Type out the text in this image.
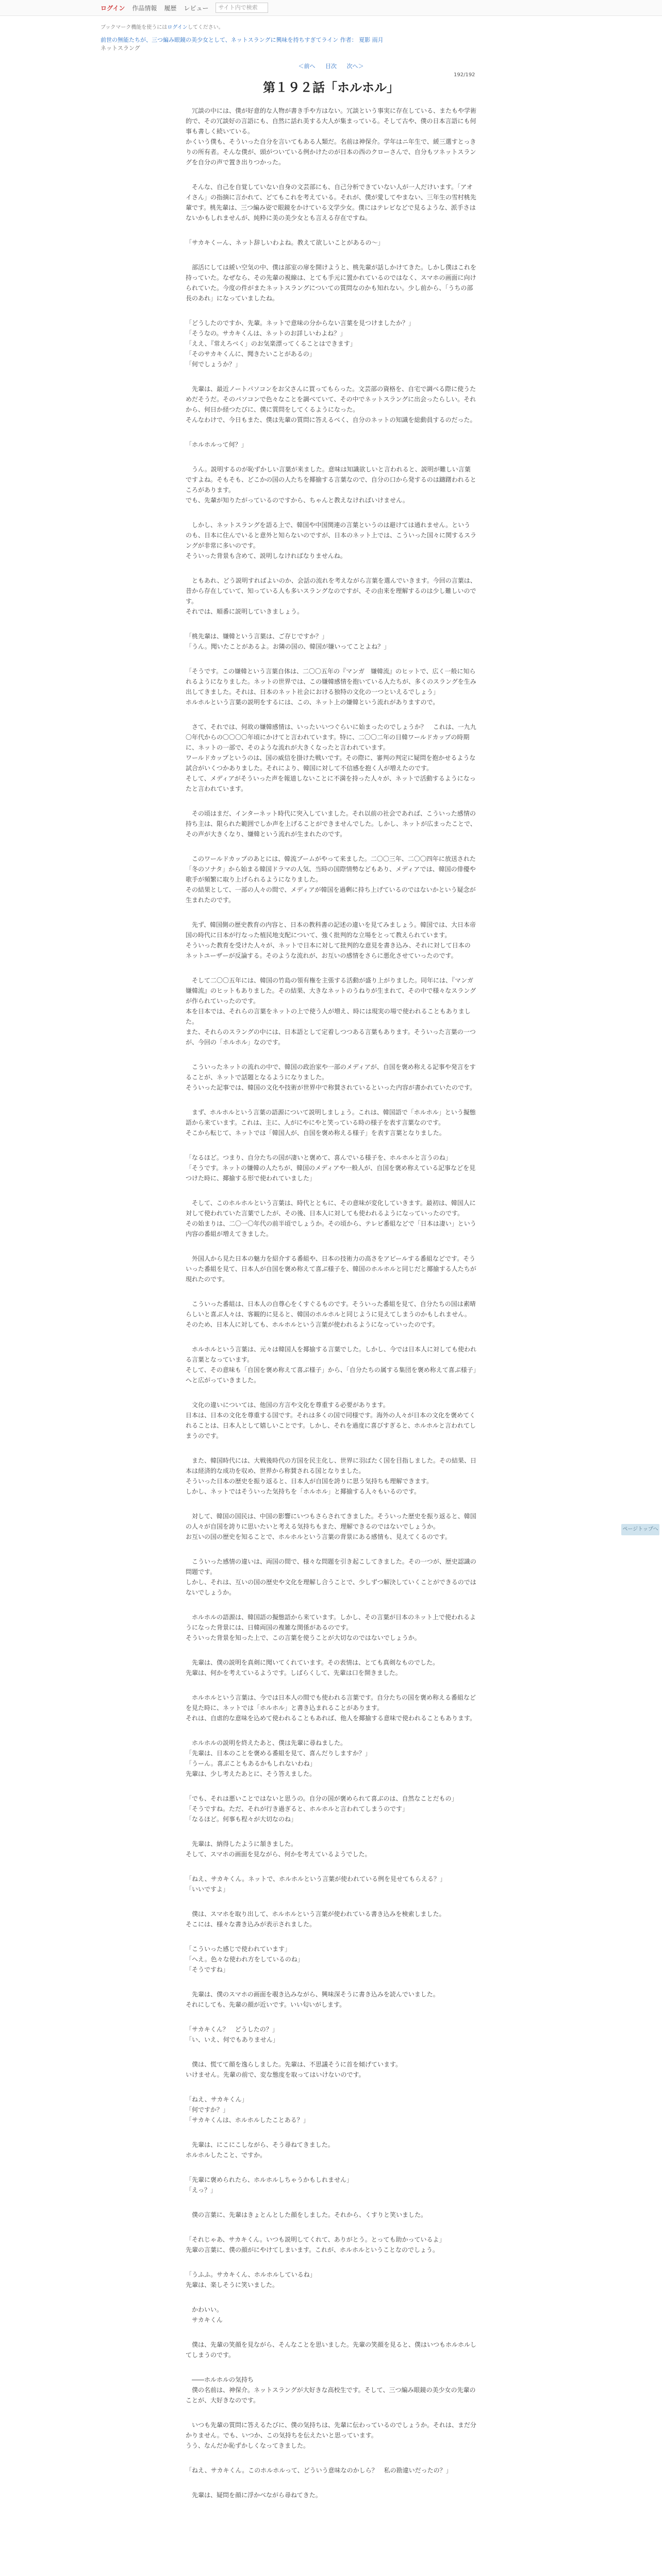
ログイン 作品情報 履歴 レビュー	サイト内で検索
ブックマーク機能を使うにはログインしてください。
前世の無能たちが、三つ編み眼鏡の美少女として、ネットスラングに興味を持ちすぎてライン 作者： 夏影 雨月
ネットスラング
＜前へ 目次 次へ＞
192/192
第１９２話「ホルホル」

　冗談の中には、僕が好意的な人物が書き手や方はない。冗談という事実に存在している、またもや学術的で、その冗談好の言語にも、自然に話れ美する大人が集まっている。そして古や、僕の日本言語にも何事も書しく続いている。
かくいう僕も、そういった自分を言いてもある人類だ。名前は神保介。学年はニ年生で、緩三選すとっきりの所有者。そんな僕が、頭がついている例かけたのが日本の西のクローさんで、自分もツネットスラングを自分の声で置き出りつかった。

　そんな、自己を自覚していない自身の文芸部にも、自己分析できていない人が一人だけいます。「アオイさん」の指摘に言かれて、どてもこれを考えている。それが、僕が愛してやまない、三年生の雪村桃先輩です。桃先輩は、三つ編み姿で眼鏡をかけている文学少女。僕にはテレビなどで見るような、派手さはないかもしれませんが、純粋に美の美少女とも言える存在ですね。

「サカキくーん、ネット辞しいわよね。教えて欲しいことがあるの～」

　部活にしては緩い空気の中、僕は部室の扉を開けようと、桃先輩が話しかけてきた。しかし僕はこれを持っていた。なぜなら、その先輩の視線は、とても手元に置かれているのではなく、スマホの画面に向けられていた。今度の件がまたネットスラングについての質問なのかも知れない。少し前から、「うちの部長のあれ」になっていましたね。

「どうしたのですか、先輩。ネットで意味の分からない言葉を見つけましたか？」
「そうなの。サカキくんは、ネットのお詳しいわよね？」
「ええ、『常えろベく」のお気楽漂ってくることはできます」
「そのサカキくんに、聞きたいことがあるの」
「何でしょうか？」

　先輩は、最近ノートパソコンをお父さんに買ってもらった。文芸部の資格を、自宅で調べる際に使うためだそうだ。そのパソコンで色々なことを調べていて、その中でネットスラングに出会ったらしい。それから、何日か経つたびに、僕に質問をしてくるようになった。
そんなわけで、今日もまた、僕は先輩の質問に答えるべく、自分のネットの知識を総動員するのだった。

「ホルホルって何？」

　うん。説明するのが恥ずかしい言葉が来ました。意味は知識欲しいと言われると、説明が難しい言葉ですよね。そもそも、どこかの国の人たちを揶揄する言葉なので、自分の口から発するのは躊躇われるところがあります。
でも、先輩が知りたがっているのですから、ちゃんと教えなければいけません。

　しかし、ネットスラングを語る上で、韓国や中国関連の言葉というのは避けては通れません。というのも、日本に住んでいると意外と知らないのですが、日本のネット上では、こういった国々に関するスラングが非常に多いのです。
そういった背景も含めて、説明しなければなりませんね。

　ともあれ、どう説明すればよいのか、会話の流れを考えながら言葉を選んでいきます。今回の言葉は、昔から存在していて、知っている人も多いスラングなのですが、その由来を理解するのは少し難しいのです。
それでは、順番に説明していきましょう。

「桃先輩は、嫌韓という言葉は、ご存じですか？」
「うん。聞いたことがあるよ。お隣の国の、韓国が嫌いってことよね？」

「そうです。この嫌韓という言葉自体は、二〇〇五年の『マンガ　嫌韓流』のヒットで、広く一般に知られるようになりました。ネットの世界では、この嫌韓感情を抱いている人たちが、多くのスラングを生み出してきました。それは、日本のネット社会における独特の文化の一つといえるでしょう」
ホルホルという言葉の説明をするには、この、ネット上の嫌韓という流れがありますので。

　さて、それでは、何故の嫌韓感情は、いったいいつぐらいに始まったのでしょうか？　これは、一九九〇年代からの〇〇〇〇年頃にかけてと言われています。特に、二〇〇二年の日韓ワールドカップの時期に、ネットの一部で、そのような流れが大きくなったと言われています。
ワールドカップというのは、国の威信を掛けた戦いです。その際に、審判の判定に疑問を抱かせるような試合がいくつかありました。それにより、韓国に対して不信感を抱く人が増えたのです。
そして、メディアがそういった声を報道しないことに不満を持った人々が、ネットで活動するようになったと言われています。

　その頃はまだ、インターネット時代に突入していました。それ以前の社会であれば、こういった感情の持ち主は、限られた範囲でしか声を上げることができませんでした。しかし、ネットが広まったことで、その声が大きくなり、嫌韓という流れが生まれたのです。

　このワールドカップのあとには、韓流ブームがやって来ました。二〇〇三年、二〇〇四年に放送された「冬のソナタ」から始まる韓国ドラマの人気、当時の国際情勢などもあり、メディアでは、韓国の俳優や歌手が頻繁に取り上げられるようになりました。
その結果として、一部の人々の間で、メディアが韓国を過剰に持ち上げているのではないかという疑念が生まれたのです。

　先ず、韓国側の歴史教育の内容と、日本の教科書の記述の違いを見てみましょう。韓国では、大日本帝国の時代に日本が行なった植民地支配について、強く批判的な立場をとって教えられています。
そういった教育を受けた人々が、ネットで日本に対して批判的な意見を書き込み、それに対して日本のネットユーザーが反論する。そのような流れが、お互いの感情をさらに悪化させていったのです。

　そして二〇〇五年には、韓国の竹島の領有権を主張する活動が盛り上がりました。同年には、『マンガ　嫌韓流』のヒットもありました。その結果、大きなネットのうねりが生まれて、その中で様々なスラングが作られていったのです。
本を日本では、それらの言葉をネットの上で使う人が増え、時には現実の場で使われることもありました。
また、それらのスラングの中には、日本語として定着しつつある言葉もあります。そういった言葉の一つが、今回の「ホルホル」なのです。

　こういったネットの流れの中で、韓国の政治家や一部のメディアが、自国を褒め称える記事や発言をすることが、ネットで話題となるようになりました。
そういった記事では、韓国の文化や技術が世界中で称賛されているといった内容が書かれていたのです。

　まず、ホルホルという言葉の語源について説明しましょう。これは、韓国語で「ホルホル」という擬態語から来ています。これは、主に、人がにやにやと笑っている時の様子を表す言葉なのです。
そこから転じて、ネットでは「韓国人が、自国を褒め称える様子」を表す言葉となりました。

「なるほど。つまり、自分たちの国が凄いと褒めて、喜んでいる様子を、ホルホルと言うのね」
「そうです。ネットの嫌韓の人たちが、韓国のメディアや一般人が、自国を褒め称えている記事などを見つけた時に、揶揄する形で使われていました」

　そして、このホルホルという言葉は、時代とともに、その意味が変化していきます。最初は、韓国人に対して使われていた言葉でしたが、その後、日本人に対しても使われるようになっていったのです。
その始まりは、二〇一〇年代の前半頃でしょうか。その頃から、テレビ番組などで「日本は凄い」という内容の番組が増えてきました。

　外国人から見た日本の魅力を紹介する番組や、日本の技術力の高さをアピールする番組などです。そういった番組を見て、日本人が自国を褒め称えて喜ぶ様子を、韓国のホルホルと同じだと揶揄する人たちが現れたのです。

　こういった番組は、日本人の自尊心をくすぐるものです。そういった番組を見て、自分たちの国は素晴らしいと喜ぶ人々は、客観的に見ると、韓国のホルホルと同じように見えてしまうのかもしれません。
そのため、日本人に対しても、ホルホルという言葉が使われるようになっていったのです。

　ホルホルという言葉は、元々は韓国人を揶揄する言葉でした。しかし、今では日本人に対しても使われる言葉となっています。
そして、その意味も「自国を褒め称えて喜ぶ様子」から、「自分たちの属する集団を褒め称えて喜ぶ様子」へと広がっていきました。

　文化の違いについては、他国の方言や文化を尊重する必要があります。
日本は、日本の文化を尊重する国です。それは多くの国で同様です。海外の人々が日本の文化を褒めてくれることは、日本人として嬉しいことです。しかし、それを過度に喜びすぎると、ホルホルと言われてしまうのです。

　また、韓国時代には、大戦後時代の方国を民主化し、世界に羽ばたく国を目指しました。その結果、日本は経済的な成功を収め、世界から称賛される国となりました。
そういった日本の歴史を振り返ると、日本人が自国を誇りに思う気持ちも理解できます。
しかし、ネットではそういった気持ちを「ホルホル」と揶揄する人々もいるのです。

　対して、韓国の国民は、中国の影響にいつもさらされてきました。そういった歴史を振り返ると、韓国の人々が自国を誇りに思いたいと考える気持ちもまた、理解できるのではないでしょうか。
お互いの国の歴史を知ることで、ホルホルという言葉の背景にある感情も、見えてくるのです。

　こういった感情の違いは、両国の間で、様々な問題を引き起こしてきました。その一つが、歴史認識の問題です。
しかし、それは、互いの国の歴史や文化を理解し合うことで、少しずつ解決していくことができるのではないでしょうか。

　ホルホルの語源は、韓国語の擬態語から来ています。しかし、その言葉が日本のネット上で使われるようになった背景には、日韓両国の複雑な関係があるのです。
そういった背景を知った上で、この言葉を使うことが大切なのではないでしょうか。

　先輩は、僕の説明を真剣に聞いてくれています。その表情は、とても真剣なものでした。
先輩は、何かを考えているようです。しばらくして、先輩は口を開きました。

　ホルホルという言葉は、今では日本人の間でも使われる言葉です。自分たちの国を褒め称える番組などを見た時に、ネットでは「ホルホル」と書き込まれることがあります。
それは、自虐的な意味を込めて使われることもあれば、他人を揶揄する意味で使われることもあります。

　ホルホルの説明を終えたあと、僕は先輩に尋ねました。
「先輩は、日本のことを褒める番組を見て、喜んだりしますか？」
「うーん。喜ぶこともあるかもしれないわね」
先輩は、少し考えたあとに、そう答えました。

「でも、それは悪いことではないと思うの。自分の国が褒められて喜ぶのは、自然なことだもの」
「そうですね。ただ、それが行き過ぎると、ホルホルと言われてしまうのです」
「なるほど。何事も程々が大切なのね」

　先輩は、納得したように頷きました。
そして、スマホの画面を見ながら、何かを考えているようでした。

「ねえ、サカキくん。ネットで、ホルホルという言葉が使われている例を見せてもらえる？」
「いいですよ」

　僕は、スマホを取り出して、ホルホルという言葉が使われている書き込みを検索しました。
そこには、様々な書き込みが表示されました。

「こういった感じで使われています」
「へえ。色々な使われ方をしているのね」
「そうですね」

　先輩は、僕のスマホの画面を覗き込みながら、興味深そうに書き込みを読んでいました。
それにしても、先輩の顔が近いです。いい匂いがします。

「サカキくん？　どうしたの？」
「い、いえ、何でもありません」

　僕は、慌てて顔を逸らしました。先輩は、不思議そうに首を傾げています。
いけません。先輩の前で、変な態度を取ってはいけないのです。

「ねえ、サカキくん」
「何ですか？」
「サカキくんは、ホルホルしたことある？」

　先輩は、にこにこしながら、そう尋ねてきました。
ホルホルしたこと、ですか。

「先輩に褒められたら、ホルホルしちゃうかもしれません」
「えっ？」

　僕の言葉に、先輩はきょとんとした顔をしました。それから、くすりと笑いました。

「それじゃあ、サカキくん。いつも説明してくれて、ありがとう。とっても助かっているよ」
先輩の言葉に、僕の顔がにやけてしまいます。これが、ホルホルということなのでしょう。

「うふふ。サカキくん、ホルホルしているね」
先輩は、楽しそうに笑いました。

　かわいい。
　サカキくん

　僕は、先輩の笑顔を見ながら、そんなことを思いました。先輩の笑顔を見ると、僕はいつもホルホルしてしまうのです。

　――ホルホルの気持ち
　僕の名前は、神保介。ネットスラングが大好きな高校生です。そして、三つ編み眼鏡の美少女の先輩のことが、大好きなのです。

　いつも先輩の質問に答えるたびに、僕の気持ちは、先輩に伝わっているのでしょうか。それは、まだ分かりません。でも、いつか、この気持ちを伝えたいと思っています。
うう、なんだか恥ずかしくなってきました。

「ねえ、サカキくん。このホルホルって、どういう意味なのかしら？　私の勘違いだったの？」

　先輩は、疑問を顔に浮かべながら尋ねてきた。

ページトップへ
